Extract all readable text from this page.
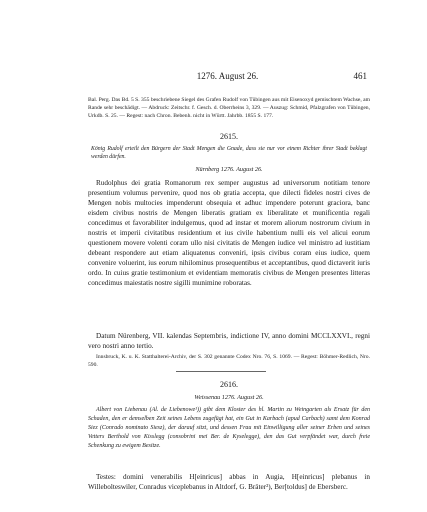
1276. August 26.	461

Bal. Perg. Das Bd. 5 S. 355 beschriebene Siegel des Grafen Rudolf von Tübingen aus mit Eisenoxyd gemischtem Wachse, am Rande sehr beschädigt. — Abdruck: Zeitschr. f. Gesch. d. Oberrheins 3, 329. — Auszug: Schmid, Pfalzgrafen von Tübingen, Urkdb. S. 25. — Regest: nach Chron. Bebenh. nicht in Württ. Jahrbb. 1855 S. 177.

2615.

König Rudolf erteilt den Bürgern der Stadt Mengen die Gnade, dass sie nur vor einem Richter ihrer Stadt beklagt werden dürfen.

Nürnberg 1276. August 26.

Rudolphus dei gratia Romanorum rex semper augustus ad universorum notitiam tenore presentium volumus pervenire, quod nos ob gratia accepta, que dilecti fideles nostri cives de Mengen nobis multocies impenderunt obsequia et adhuc impendere poterunt graciora, banc eisdem civibus nostris de Mengen liberatis gratiam ex liberalitate et munificentia regali concedimus et favorabiliter indulgemus, quod ad instar et morem aliorum nostrorum civium in nostris et imperii civitatibus residentium et ius civile habentium nulli eis vel alicui eorum questionem movere volenti coram ullo nisi civitatis de Mengen iudice vel ministro ad iustitiam debeant respondere aut etiam aliquatenus conveniri, ipsis civibus coram eius iudice, quem convenire voluerint, ius eorum nihilominus prosequentibus et acceptantibus, quod dictaverit iuris ordo. In cuius gratie testimonium et evidentiam memoratis civibus de Mengen presentes litteras concedimus maiestatis nostre sigilli munimine roboratas.

Datum Nürenberg, VII. kalendas Septembris, indictione IV, anno domini MCCLXXVI., regni vero nostri anno tertio.

Innsbruck, K. u. K. Statthalterei-Archiv, der S. 302 genannte Codex Nro. 76, S. 1069. — Regest: Böhmer-Redlich, Nro. 590.

2616.
Weissenau 1276. August 26.

Albert von Liebenau (Al. de Liebenowe¹)) gibt dem Kloster des hl. Martin zu Weingarten als Ersatz für den Schaden, den er demselben Zeit seines Lebens zugefügt hat, ein Gut in Karbach (apud Carbach) samt dem Konrad Siez (Conrado nominato Siesz), der darauf sitzt, und dessen Frau mit Einwilligung aller seiner Erben und seines Vetters Berthold von Kisslegg (consobrini mei Ber. de Kyselegge), den das Gut verpfändet war, durch freie Schenkung zu ewigem Besitze.

Testes: domini venerabilis H[einricus] abbas in Augia, H[einricus] plebanus in Willebolteswiler, Conradus viceplebanus in Altdorf, G. Bräter²), Ber[toldus] de Ebersberc.
